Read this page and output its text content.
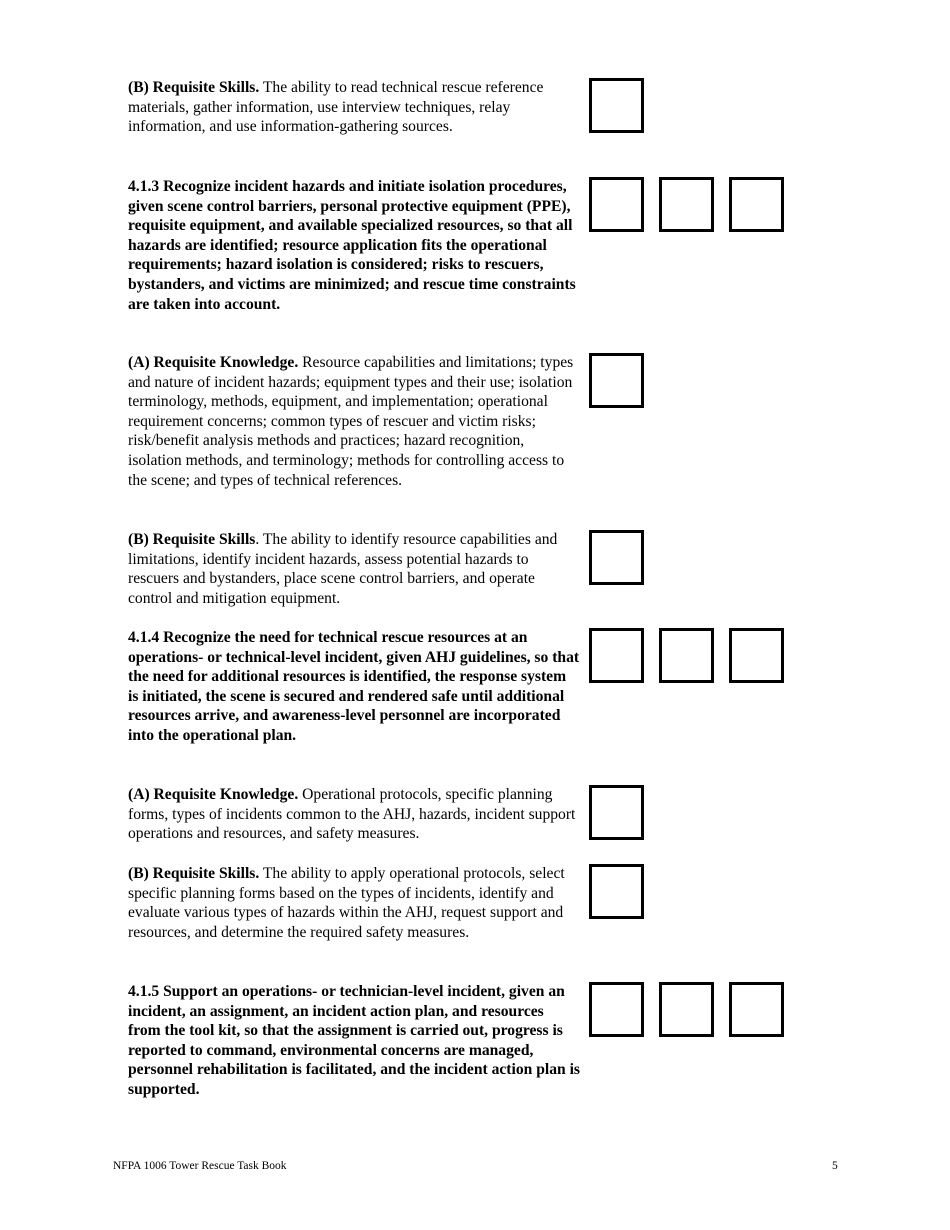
(B) Requisite Skills. The ability to read technical rescue reference materials, gather information, use interview techniques, relay information, and use information-gathering sources.
4.1.3 Recognize incident hazards and initiate isolation procedures, given scene control barriers, personal protective equipment (PPE), requisite equipment, and available specialized resources, so that all hazards are identified; resource application fits the operational requirements; hazard isolation is considered; risks to rescuers, bystanders, and victims are minimized; and rescue time constraints are taken into account.
(A) Requisite Knowledge. Resource capabilities and limitations; types and nature of incident hazards; equipment types and their use; isolation terminology, methods, equipment, and implementation; operational requirement concerns; common types of rescuer and victim risks; risk/benefit analysis methods and practices; hazard recognition, isolation methods, and terminology; methods for controlling access to the scene; and types of technical references.
(B) Requisite Skills. The ability to identify resource capabilities and limitations, identify incident hazards, assess potential hazards to rescuers and bystanders, place scene control barriers, and operate control and mitigation equipment.
4.1.4 Recognize the need for technical rescue resources at an operations- or technical-level incident, given AHJ guidelines, so that the need for additional resources is identified, the response system is initiated, the scene is secured and rendered safe until additional resources arrive, and awareness-level personnel are incorporated into the operational plan.
(A) Requisite Knowledge. Operational protocols, specific planning forms, types of incidents common to the AHJ, hazards, incident support operations and resources, and safety measures.
(B) Requisite Skills. The ability to apply operational protocols, select specific planning forms based on the types of incidents, identify and evaluate various types of hazards within the AHJ, request support and resources, and determine the required safety measures.
4.1.5 Support an operations- or technician-level incident, given an incident, an assignment, an incident action plan, and resources from the tool kit, so that the assignment is carried out, progress is reported to command, environmental concerns are managed, personnel rehabilitation is facilitated, and the incident action plan is supported.
NFPA 1006 Tower Rescue Task Book	5
